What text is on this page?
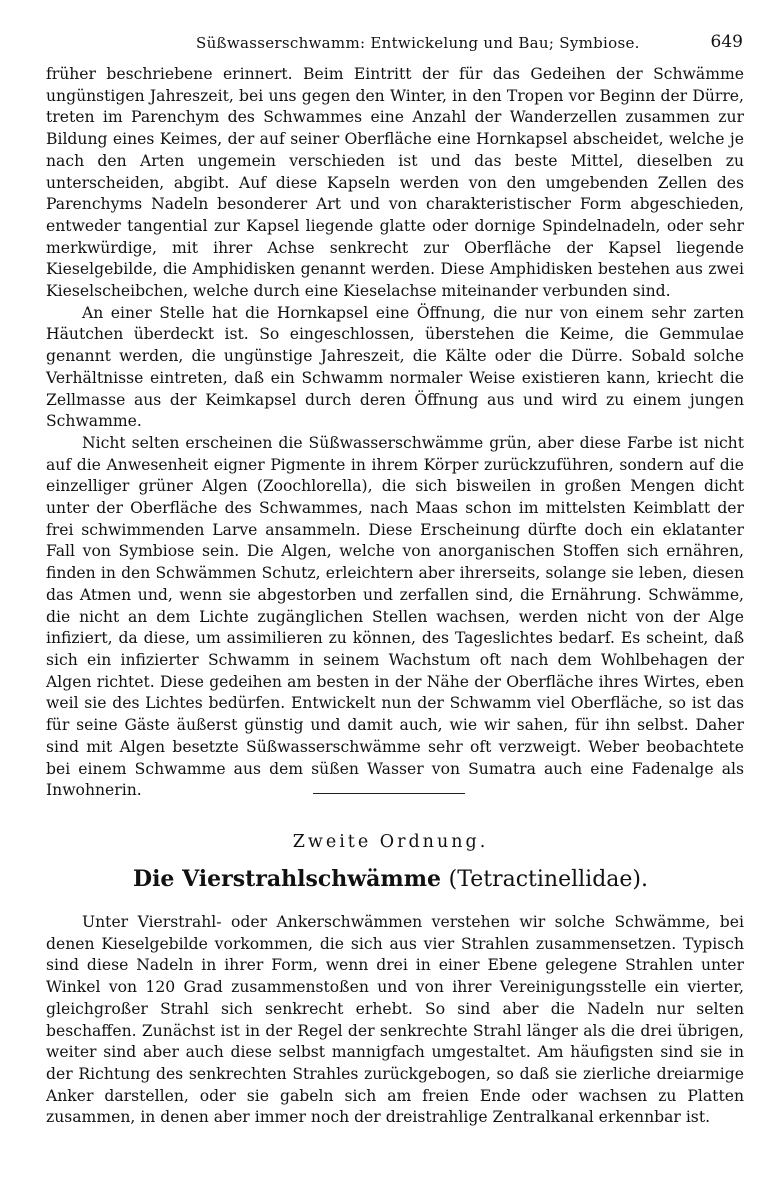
Süßwasserschwamm: Entwickelung und Bau; Symbiose.	649

früher beschriebene erinnert. Beim Eintritt der für das Gedeihen der Schwämme ungünstigen Jahreszeit, bei uns gegen den Winter, in den Tropen vor Beginn der Dürre, treten im Parenchym des Schwammes eine Anzahl der Wanderzellen zusammen zur Bildung eines Keimes, der auf seiner Oberfläche eine Hornkapsel abscheidet, welche je nach den Arten ungemein verschieden ist und das beste Mittel, dieselben zu unterscheiden, abgibt. Auf diese Kapseln werden von den umgebenden Zellen des Parenchyms Nadeln besonderer Art und von charakteristischer Form abgeschieden, entweder tangential zur Kapsel liegende glatte oder dornige Spindelnadeln, oder sehr merkwürdige, mit ihrer Achse senkrecht zur Oberfläche der Kapsel liegende Kieselgebilde, die Amphidisken genannt werden. Diese Amphidisken bestehen aus zwei Kieselscheibchen, welche durch eine Kieselachse miteinander verbunden sind.

An einer Stelle hat die Hornkapsel eine Öffnung, die nur von einem sehr zarten Häutchen überdeckt ist. So eingeschlossen, überstehen die Keime, die Gemmulae genannt werden, die ungünstige Jahreszeit, die Kälte oder die Dürre. Sobald solche Verhältnisse eintreten, daß ein Schwamm normaler Weise existieren kann, kriecht die Zellmasse aus der Keimkapsel durch deren Öffnung aus und wird zu einem jungen Schwamme.

Nicht selten erscheinen die Süßwasserschwämme grün, aber diese Farbe ist nicht auf die Anwesenheit eigner Pigmente in ihrem Körper zurückzuführen, sondern auf die einzelliger grüner Algen (Zoochlorella), die sich bisweilen in großen Mengen dicht unter der Oberfläche des Schwammes, nach Maas schon im mittelsten Keimblatt der frei schwimmenden Larve ansammeln. Diese Erscheinung dürfte doch ein eklatanter Fall von Symbiose sein. Die Algen, welche von anorganischen Stoffen sich ernähren, finden in den Schwämmen Schutz, erleichtern aber ihrerseits, solange sie leben, diesen das Atmen und, wenn sie abgestorben und zerfallen sind, die Ernährung. Schwämme, die nicht an dem Lichte zugänglichen Stellen wachsen, werden nicht von der Alge infiziert, da diese, um assimilieren zu können, des Tageslichtes bedarf. Es scheint, daß sich ein infizierter Schwamm in seinem Wachstum oft nach dem Wohlbehagen der Algen richtet. Diese gedeihen am besten in der Nähe der Oberfläche ihres Wirtes, eben weil sie des Lichtes bedürfen. Entwickelt nun der Schwamm viel Oberfläche, so ist das für seine Gäste äußerst günstig und damit auch, wie wir sahen, für ihn selbst. Daher sind mit Algen besetzte Süßwasserschwämme sehr oft verzweigt. Weber beobachtete bei einem Schwamme aus dem süßen Wasser von Sumatra auch eine Fadenalge als Inwohnerin.

Zweite Ordnung.
Die Vierstrahlschwämme (Tetractinellidae).

Unter Vierstrahl- oder Ankerschwämmen verstehen wir solche Schwämme, bei denen Kieselgebilde vorkommen, die sich aus vier Strahlen zusammensetzen. Typisch sind diese Nadeln in ihrer Form, wenn drei in einer Ebene gelegene Strahlen unter Winkel von 120 Grad zusammenstoßen und von ihrer Vereinigungsstelle ein vierter, gleichgroßer Strahl sich senkrecht erhebt. So sind aber die Nadeln nur selten beschaffen. Zunächst ist in der Regel der senkrechte Strahl länger als die drei übrigen, weiter sind aber auch diese selbst mannigfach umgestaltet. Am häufigsten sind sie in der Richtung des senkrechten Strahles zurückgebogen, so daß sie zierliche dreiarmige Anker darstellen, oder sie gabeln sich am freien Ende oder wachsen zu Platten zusammen, in denen aber immer noch der dreistrahlige Zentralkanal erkennbar ist.
